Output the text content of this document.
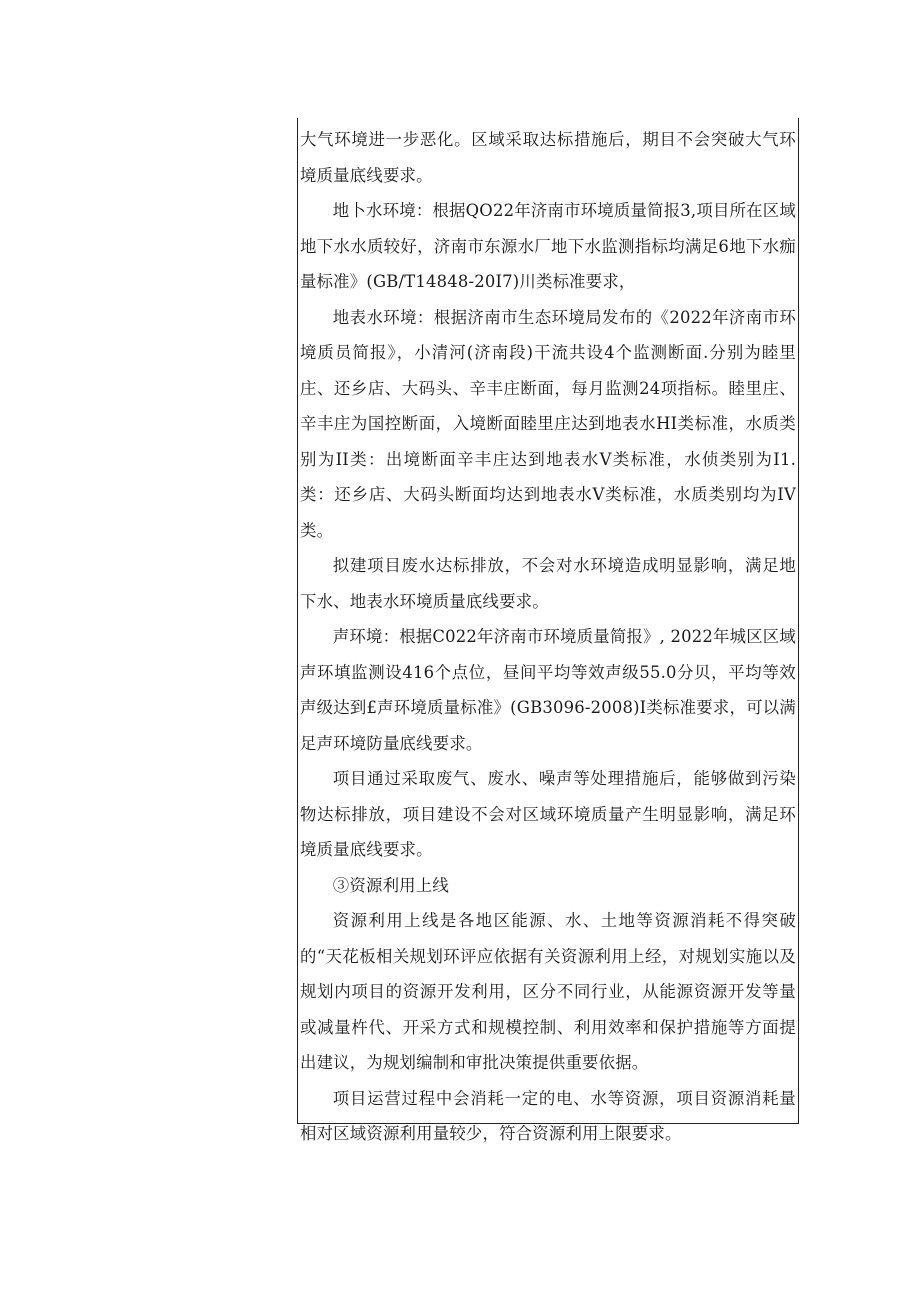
大气环境进一步恶化。区域采取达标措施后，期目不会突破大气环境质量底线要求。

地卜水环境：根据QO22年济南市环境质量简报3,项目所在区域地下水水质较好，济南市东源水厂地下水监测指标均满足6地下水痂量标准》(GB/T14848-20I7)川类标准要求，

地表水环境：根据济南市生态环境局发布的《2022年济南市环境质员简报》，小清河(济南段)干流共设4个监测断面.分别为睦里庄、还乡店、大码头、辛丰庄断面，每月监测24项指标。睦里庄、辛丰庄为国控断面，入境断面睦里庄达到地表水HI类标准，水质类别为II类：出境断面辛丰庄达到地表水V类标准，水侦类别为I1.类：还乡店、大码头断面均达到地表水V类标准，水质类别均为IV类。

拟建项目废水达标排放，不会对水环境造成明显影响，满足地下水、地表水环境质量底线要求。

声环境：根据C022年济南市环境质量简报》, 2022年城区区域声环填监测设416个点位，昼间平均等效声级55.0分贝，平均等效声级达到£声环境质量标准》(GB3096-2008)I类标准要求，可以满足声环境防量底线要求。

项目通过采取废气、废水、噪声等处理措施后，能够做到污染物达标排放，项目建设不会对区域环境质量产生明显影响，满足环境质量底线要求。

③资源利用上线

资源利用上线是各地区能源、水、土地等资源消耗不得突破的“天花板相关规划环评应依据有关资源利用上经，对规划实施以及规划内项目的资源开发利用，区分不同行业，从能源资源开发等量或减量杵代、开采方式和规模控制、利用效率和保护措施等方面提出建议，为规划编制和审批决策提供重要依据。

项目运营过程中会消耗一定的电、水等资源，项目资源消耗量相对区域资源利用量较少，符合资源利用上限要求。
